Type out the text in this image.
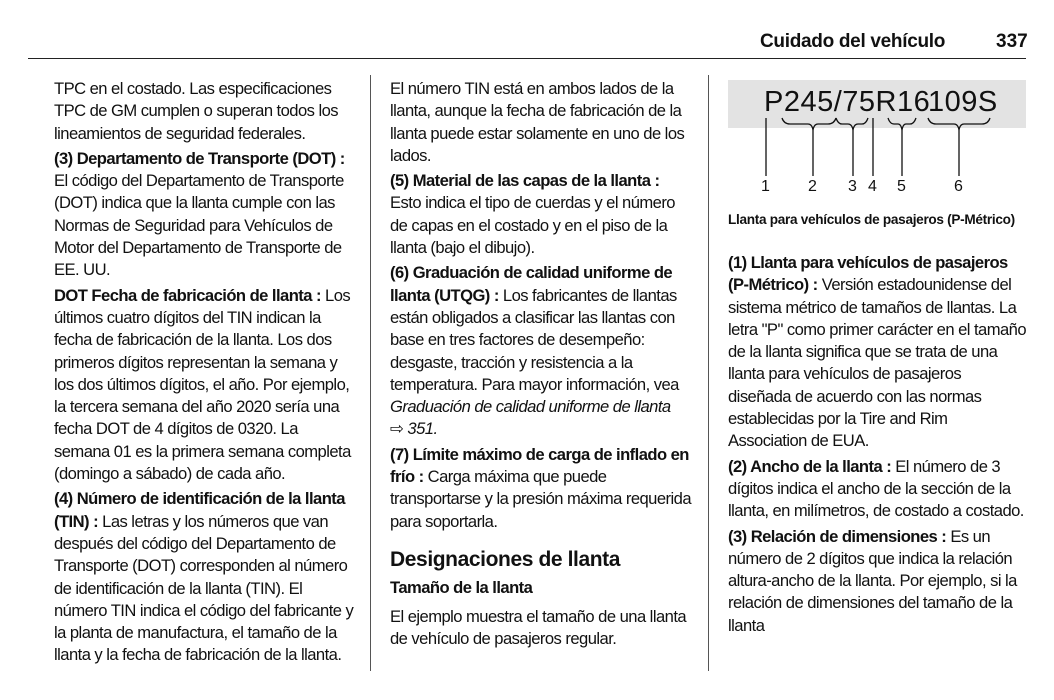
Cuidado del vehículo	337

TPC en el costado. Las especificaciones TPC de GM cumplen o superan todos los lineamientos de seguridad federales.

(3) Departamento de Transporte (DOT) : El código del Departamento de Transporte (DOT) indica que la llanta cumple con las Normas de Seguridad para Vehículos de Motor del Departamento de Transporte de EE. UU.

DOT Fecha de fabricación de llanta : Los últimos cuatro dígitos del TIN indican la fecha de fabricación de la llanta. Los dos primeros dígitos representan la semana y los dos últimos dígitos, el año. Por ejemplo, la tercera semana del año 2020 sería una fecha DOT de 4 dígitos de 0320. La semana 01 es la primera semana completa (domingo a sábado) de cada año.

(4) Número de identificación de la llanta (TIN) : Las letras y los números que van después del código del Departamento de Transporte (DOT) corresponden al número de identificación de la llanta (TIN). El número TIN indica el código del fabricante y la planta de manufactura, el tamaño de la llanta y la fecha de fabricación de la llanta.

El número TIN está en ambos lados de la llanta, aunque la fecha de fabricación de la llanta puede estar solamente en uno de los lados.

(5) Material de las capas de la llanta : Esto indica el tipo de cuerdas y el número de capas en el costado y en el piso de la llanta (bajo el dibujo).

(6) Graduación de calidad uniforme de llanta (UTQG) : Los fabricantes de llantas están obligados a clasificar las llantas con base en tres factores de desempeño: desgaste, tracción y resistencia a la temperatura. Para mayor información, vea Graduación de calidad uniforme de llanta
⇨ 351.

(7) Límite máximo de carga de inflado en frío : Carga máxima que puede transportarse y la presión máxima requerida para soportarla.

Designaciones de llanta
Tamaño de la llanta

El ejemplo muestra el tamaño de una llanta de vehículo de pasajeros regular.

P245/75R16
109S
1 2 3 4 5	6
Llanta para vehículos de pasajeros (P-Métrico)

(1) Llanta para vehículos de pasajeros (P-Métrico) : Versión estadounidense del sistema métrico de tamaños de llantas. La letra "P" como primer carácter en el tamaño de la llanta significa que se trata de una llanta para vehículos de pasajeros diseñada de acuerdo con las normas establecidas por la Tire and Rim Association de EUA.

(2) Ancho de la llanta : El número de 3 dígitos indica el ancho de la sección de la llanta, en milímetros, de costado a costado.

(3) Relación de dimensiones : Es un número de 2 dígitos que indica la relación altura-ancho de la llanta. Por ejemplo, si la relación de dimensiones del tamaño de la llanta
